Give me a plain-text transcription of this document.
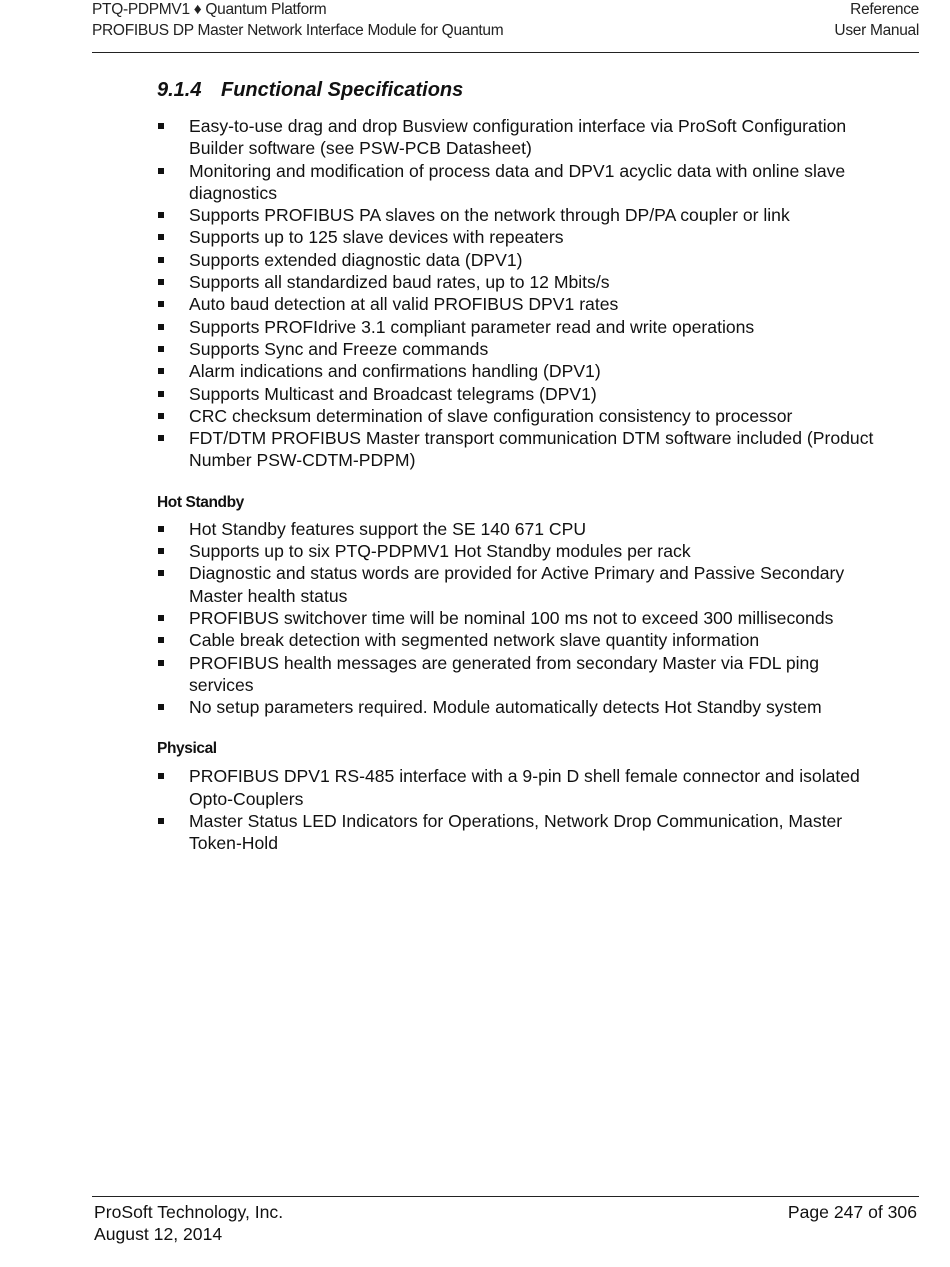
PTQ-PDPMV1 ♦ Quantum Platform
PROFIBUS DP Master Network Interface Module for Quantum
Reference
User Manual
9.1.4 Functional Specifications
Easy-to-use drag and drop Busview configuration interface via ProSoft Configuration Builder software (see PSW-PCB Datasheet)
Monitoring and modification of process data and DPV1 acyclic data with online slave diagnostics
Supports PROFIBUS PA slaves on the network through DP/PA coupler or link
Supports up to 125 slave devices with repeaters
Supports extended diagnostic data (DPV1)
Supports all standardized baud rates, up to 12 Mbits/s
Auto baud detection at all valid PROFIBUS DPV1 rates
Supports PROFIdrive 3.1 compliant parameter read and write operations
Supports Sync and Freeze commands
Alarm indications and confirmations handling (DPV1)
Supports Multicast and Broadcast telegrams (DPV1)
CRC checksum determination of slave configuration consistency to processor
FDT/DTM PROFIBUS Master transport communication DTM software included (Product Number PSW-CDTM-PDPM)
Hot Standby
Hot Standby features support the SE 140 671 CPU
Supports up to six PTQ-PDPMV1 Hot Standby modules per rack
Diagnostic and status words are provided for Active Primary and Passive Secondary Master health status
PROFIBUS switchover time will be nominal 100 ms not to exceed 300 milliseconds
Cable break detection with segmented network slave quantity information
PROFIBUS health messages are generated from secondary Master via FDL ping services
No setup parameters required. Module automatically detects Hot Standby system
Physical
PROFIBUS DPV1 RS-485 interface with a 9-pin D shell female connector and isolated Opto-Couplers
Master Status LED Indicators for Operations, Network Drop Communication, Master Token-Hold
ProSoft Technology, Inc.
August 12, 2014
Page 247 of 306
